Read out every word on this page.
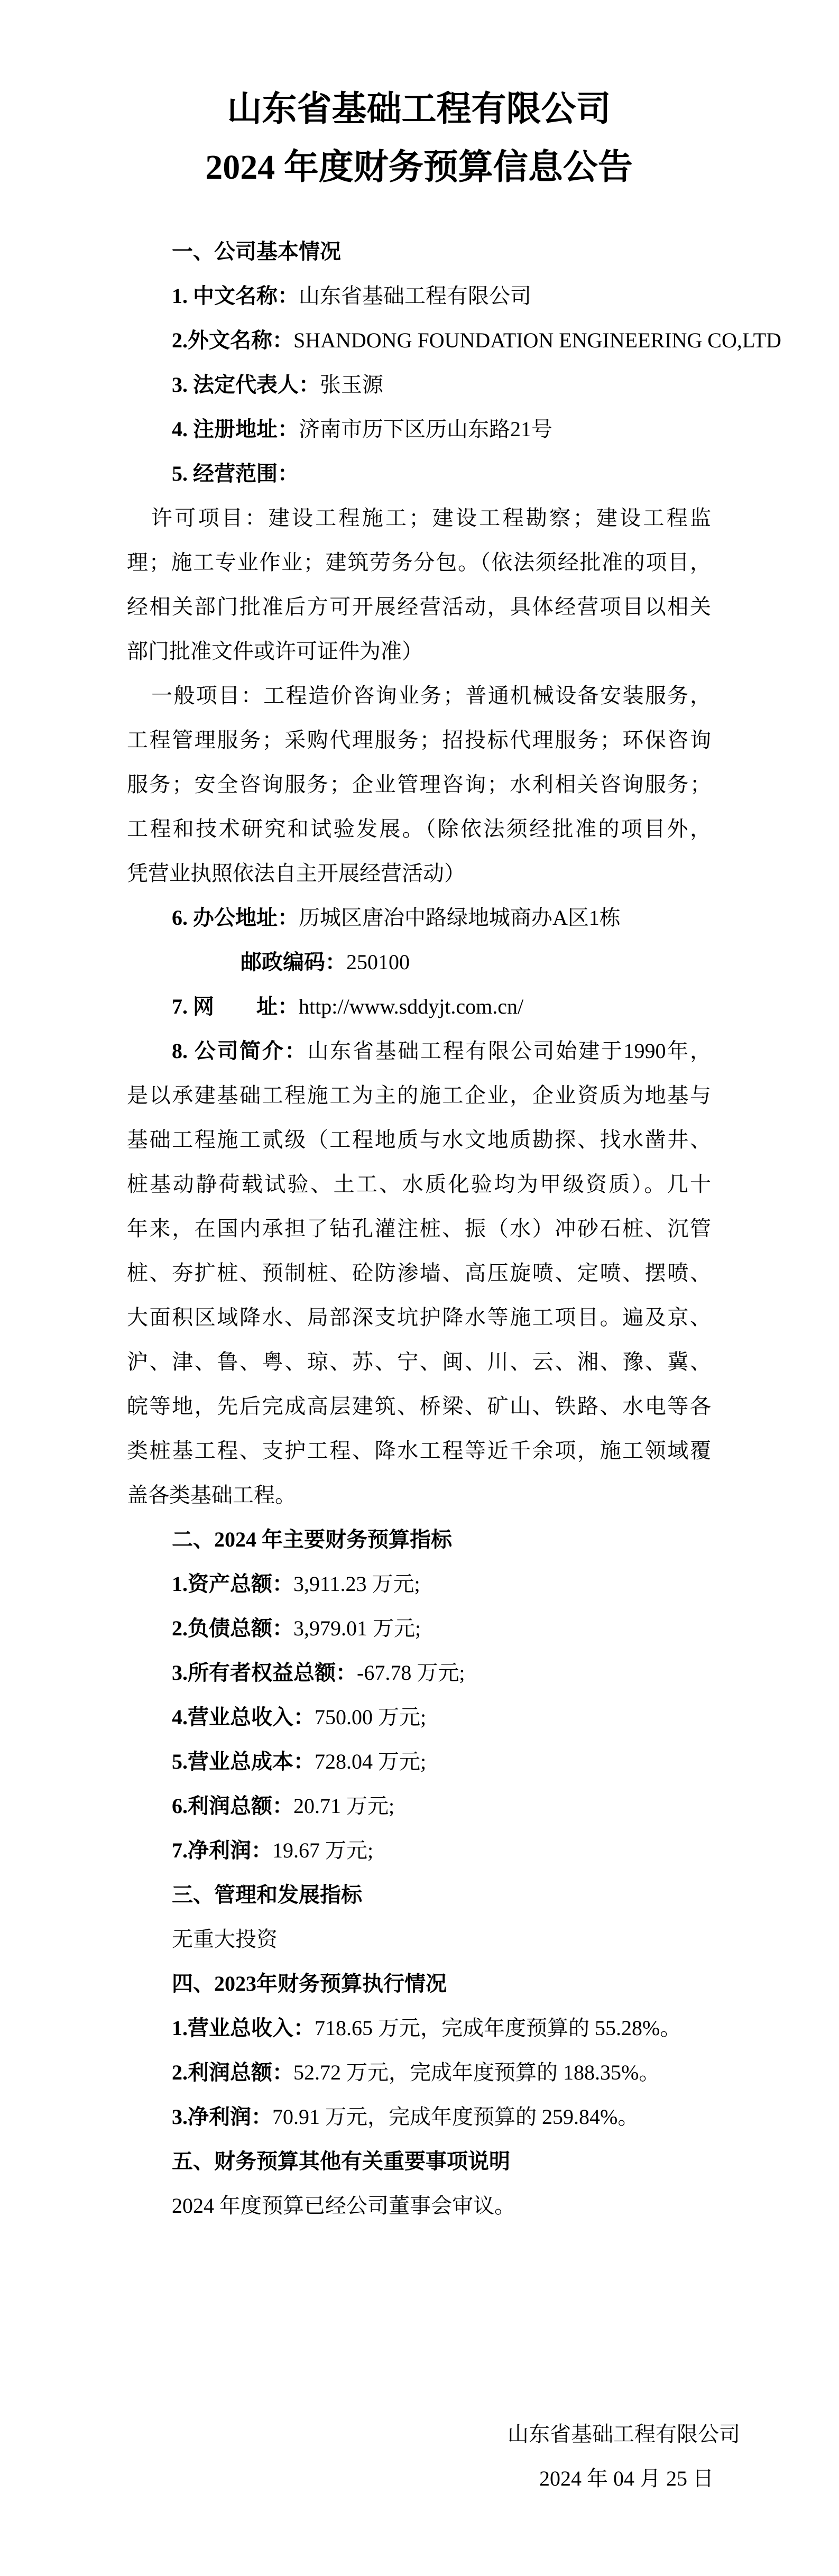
山东省基础工程有限公司
2024 年度财务预算信息公告
一、公司基本情况
1. 中文名称：山东省基础工程有限公司
2.外文名称：SHANDONG FOUNDATION ENGINEERING CO,LTD
3. 法定代表人：张玉源
4. 注册地址：济南市历下区历山东路21号
5. 经营范围：
许可项目：建设工程施工；建设工程勘察；建设工程监
理；施工专业作业；建筑劳务分包。（依法须经批准的项目，
经相关部门批准后方可开展经营活动，具体经营项目以相关
部门批准文件或许可证件为准）
一般项目：工程造价咨询业务；普通机械设备安装服务，
工程管理服务；采购代理服务；招投标代理服务；环保咨询
服务；安全咨询服务；企业管理咨询；水利相关咨询服务；
工程和技术研究和试验发展。（除依法须经批准的项目外，
凭营业执照依法自主开展经营活动）
6. 办公地址：历城区唐冶中路绿地城商办A区1栋
邮政编码：250100
7. 网　　址：http://www.sddyjt.com.cn/
8. 公司简介：山东省基础工程有限公司始建于1990年，
是以承建基础工程施工为主的施工企业，企业资质为地基与
基础工程施工贰级（工程地质与水文地质勘探、找水凿井、
桩基动静荷载试验、土工、水质化验均为甲级资质）。几十
年来，在国内承担了钻孔灌注桩、振（水）冲砂石桩、沉管
桩、夯扩桩、预制桩、砼防渗墙、高压旋喷、定喷、摆喷、
大面积区域降水、局部深支坑护降水等施工项目。遍及京、
沪、津、鲁、粤、琼、苏、宁、闽、川、云、湘、豫、冀、
皖等地，先后完成高层建筑、桥梁、矿山、铁路、水电等各
类桩基工程、支护工程、降水工程等近千余项，施工领域覆
盖各类基础工程。
二、2024 年主要财务预算指标
1.资产总额：3,911.23 万元;
2.负债总额：3,979.01 万元;
3.所有者权益总额：-67.78 万元;
4.营业总收入：750.00 万元;
5.营业总成本：728.04 万元;
6.利润总额：20.71 万元;
7.净利润：19.67 万元;
三、管理和发展指标
无重大投资
四、2023年财务预算执行情况
1.营业总收入：718.65 万元，完成年度预算的 55.28%。
2.利润总额：52.72 万元，完成年度预算的 188.35%。
3.净利润：70.91 万元，完成年度预算的 259.84%。
五、财务预算其他有关重要事项说明
2024 年度预算已经公司董事会审议。
山东省基础工程有限公司
2024 年 04 月 25 日
